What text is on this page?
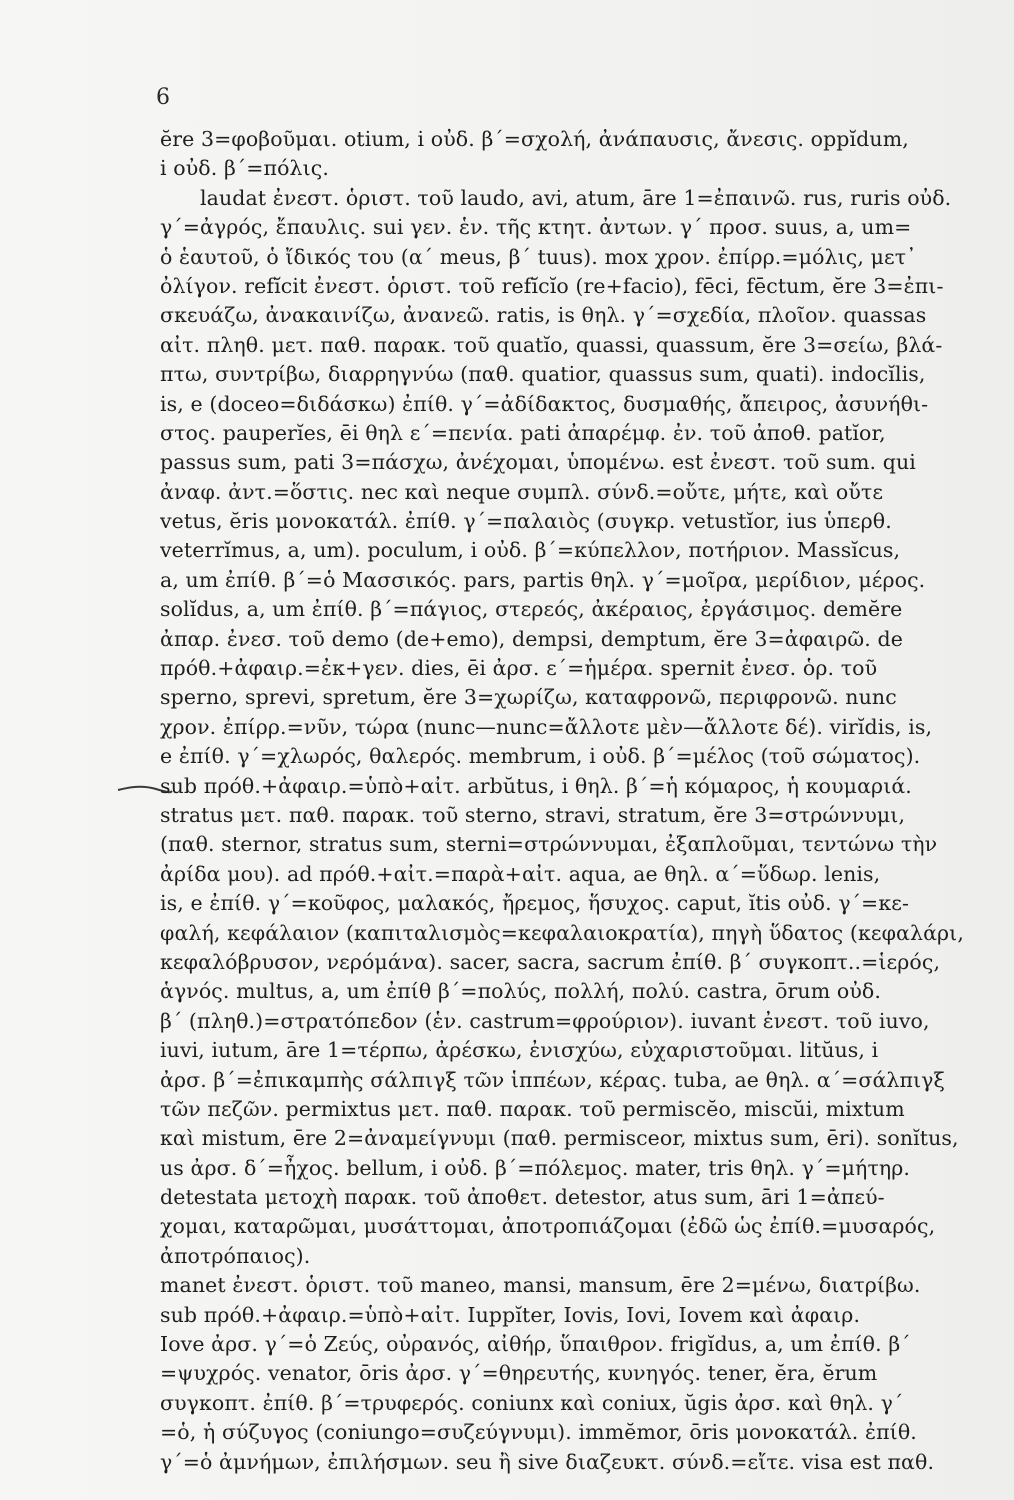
6
ĕre 3=φοβοῦμαι. otium, i οὐδ. β΄=σχολή, ἀνάπαυσις, ἄνεσις. oppĭdum,
i οὐδ. β΄=πόλις.
laudat ἐνεστ. ὁριστ. τοῦ laudo, avi, atum, āre 1=ἐπαινῶ. rus, ruris οὐδ.
γ΄=ἀγρός, ἔπαυλις. sui γεν. ἑν. τῆς κτητ. ἀντων. γ΄ προσ. suus, a, um=
ὁ ἑαυτοῦ, ὁ ἴδικός του (α΄ meus, β΄ tuus). mox χρον. ἐπίρρ.=μόλις, μετ᾿
ὀλίγον. refĭcit ἐνεστ. ὁριστ. τοῦ refĭcĭo (re+facio), fēci, fēctum, ĕre 3=ἐπι-
σκευάζω, ἀνακαινίζω, ἀνανεῶ. ratis, is θηλ. γ΄=σχεδία, πλοῖον. quassas
αἰτ. πληθ. μετ. παθ. παρακ. τοῦ quatĭo, quassi, quassum, ĕre 3=σείω, βλά-
πτω, συντρίβω, διαρρηγνύω (παθ. quatior, quassus sum, quati). indocĭlis,
is, e (doceo=διδάσκω) ἐπίθ. γ΄=ἀδίδακτος, δυσμαθής, ἄπειρος, ἀσυνήθι-
στος. pauperĭes, ēi θηλ ε΄=πενία. pati ἀπαρέμφ. ἐν. τοῦ ἀποθ. patĭor,
passus sum, pati 3=πάσχω, ἀνέχομαι, ὑπομένω. est ἐνεστ. τοῦ sum. qui
ἀναφ. ἀντ.=ὅστις. nec καὶ neque συμπλ. σύνδ.=οὔτε, μήτε, καὶ οὔτε
vetus, ĕris μονοκατάλ. ἐπίθ. γ΄=παλαιὸς (συγκρ. vetustĭor, ius ὑπερθ.
veterrĭmus, a, um). poculum, i οὐδ. β΄=κύπελλον, ποτήριον. Massĭcus,
a, um ἐπίθ. β΄=ὁ Μασσικός. pars, partis θηλ. γ΄=μοῖρα, μερίδιον, μέρος.
solĭdus, a, um ἐπίθ. β΄=πάγιος, στερεός, ἀκέραιος, ἐργάσιμος. demĕre
ἀπαρ. ἐνεσ. τοῦ demo (de+emo), dempsi, demptum, ĕre 3=ἀφαιρῶ. de
πρόθ.+ἀφαιρ.=ἐκ+γεν. dies, ēi ἀρσ. ε΄=ἡμέρα. spernit ἐνεσ. ὁρ. τοῦ
sperno, sprevi, spretum, ĕre 3=χωρίζω, καταφρονῶ, περιφρονῶ. nunc
χρον. ἐπίρρ.=νῦν, τώρα (nunc—nunc=ἄλλοτε μὲν—ἄλλοτε δέ). virĭdis, is,
e ἐπίθ. γ΄=χλωρός, θαλερός. membrum, i οὐδ. β΄=μέλος (τοῦ σώματος).
sub πρόθ.+ἀφαιρ.=ὑπὸ+αἰτ. arbŭtus, i θηλ. β΄=ἡ κόμαρος, ἡ κουμαριά.
stratus μετ. παθ. παρακ. τοῦ sterno, stravi, stratum, ĕre 3=στρώννυμι,
(παθ. sternor, stratus sum, sterni=στρώννυμαι, ἐξαπλοῦμαι, τεντώνω τὴν
ἀρίδα μου). ad πρόθ.+αἰτ.=παρὰ+αἰτ. aqua, ae θηλ. α΄=ὕδωρ. lenis,
is, e ἐπίθ. γ΄=κοῦφος, μαλακός, ἤρεμος, ἥσυχος. caput, ĭtis οὐδ. γ΄=κε-
φαλή, κεφάλαιον (καπιταλισμὸς=κεφαλαιοκρατία), πηγὴ ὕδατος (κεφαλάρι,
κεφαλόβρυσον, νερόμάνα). sacer, sacra, sacrum ἐπίθ. β΄ συγκοπτ..=ἱερός,
ἁγνός. multus, a, um ἐπίθ β΄=πολύς, πολλή, πολύ. castra, ōrum οὐδ.
β΄ (πληθ.)=στρατόπεδον (ἑν. castrum=φρούριον). iuvant ἐνεστ. τοῦ iuvo,
iuvi, iutum, āre 1=τέρπω, ἀρέσκω, ἐνισχύω, εὐχαριστοῦμαι. litŭus, i
ἀρσ. β΄=ἐπικαμπὴς σάλπιγξ τῶν ἱππέων, κέρας. tuba, ae θηλ. α΄=σάλπιγξ
τῶν πεζῶν. permixtus μετ. παθ. παρακ. τοῦ permiscĕo, miscŭi, mixtum
καὶ mistum, ēre 2=ἀναμείγνυμι (παθ. permisceor, mixtus sum, ēri). sonĭtus,
us ἀρσ. δ΄=ἦχος. bellum, i οὐδ. β΄=πόλεμος. mater, tris θηλ. γ΄=μήτηρ.
detestata μετοχὴ παρακ. τοῦ ἀποθετ. detestor, atus sum, āri 1=ἀπεύ-
χομαι, καταρῶμαι, μυσάττομαι, ἀποτροπιάζομαι (ἐδῶ ὡς ἐπίθ.=μυσαρός,
ἀποτρόπαιος).
manet ἐνεστ. ὁριστ. τοῦ maneo, mansi, mansum, ēre 2=μένω, διατρίβω.
sub πρόθ.+ἀφαιρ.=ὑπὸ+αἰτ. Iuppĭter, Iovis, Iovi, Iovem καὶ ἀφαιρ.
Iove ἀρσ. γ΄=ὁ Ζεύς, οὐρανός, αἰθήρ, ὕπαιθρον. frigĭdus, a, um ἐπίθ. β΄
=ψυχρός. venator, ōris ἀρσ. γ΄=θηρευτής, κυνηγός. tener, ĕra, ĕrum
συγκοπτ. ἐπίθ. β΄=τρυφερός. coniunx καὶ coniux, ŭgis ἀρσ. καὶ θηλ. γ΄
=ὁ, ἡ σύζυγος (coniungo=συζεύγνυμι). immĕmor, ōris μονοκατάλ. ἐπίθ.
γ΄=ὁ ἀμνήμων, ἐπιλήσμων. seu ἢ sive διαζευκτ. σύνδ.=εἴτε. visa est παθ.
